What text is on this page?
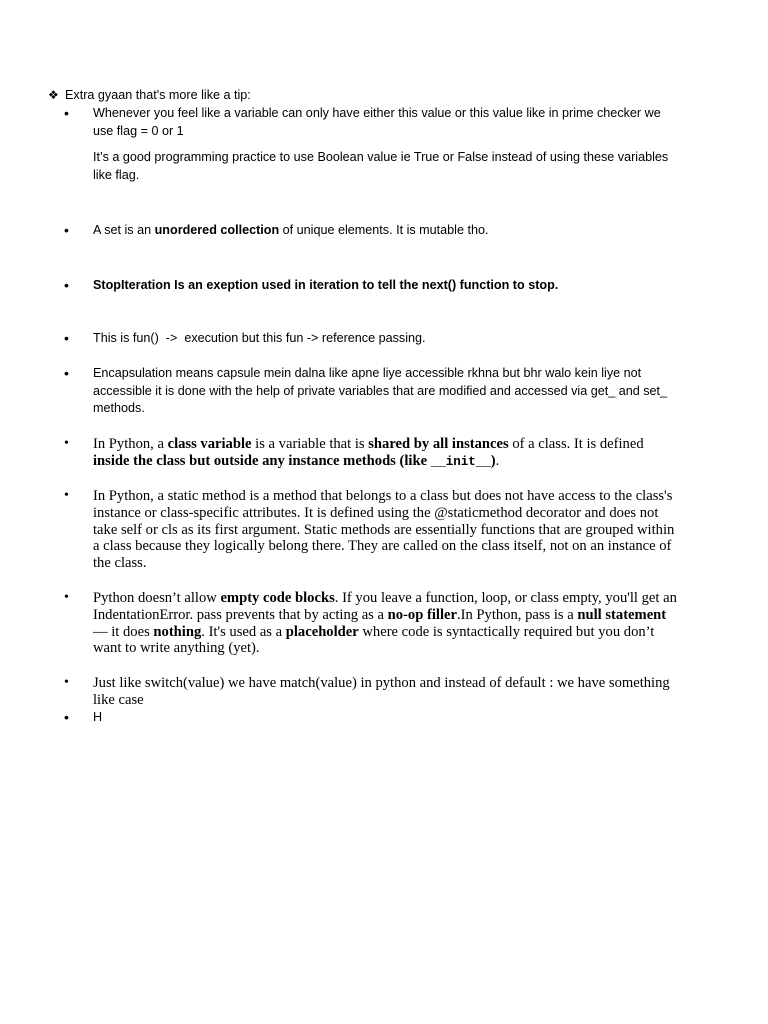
❖ Extra gyaan that's more like a tip:
• Whenever you feel like a variable can only have either this value or this value like in prime checker we use flag = 0 or 1

It’s a good programming practice to use Boolean value ie True or False instead of using these variables like flag.

• A set is an unordered collection of unique elements. It is mutable tho.

• StopIteration Is an exeption used in iteration to tell the next() function to stop.

• This is fun()  ->  execution but this fun -> reference passing.

• Encapsulation means capsule mein dalna like apne liye accessible rkhna but bhr walo kein liye not accessible it is done with the help of private variables that are modified and accessed via get_ and set_ methods.

• In Python, a class variable is a variable that is shared by all instances of a class. It is defined inside the class but outside any instance methods (like __init__).

• In Python, a static method is a method that belongs to a class but does not have access to the class's instance or class-specific attributes. It is defined using the @staticmethod decorator and does not take self or cls as its first argument. Static methods are essentially functions that are grouped within a class because they logically belong there. They are called on the class itself, not on an instance of the class.

• Python doesn’t allow empty code blocks. If you leave a function, loop, or class empty, you'll get an IndentationError. pass prevents that by acting as a no-op filler.In Python, pass is a null statement — it does nothing. It's used as a placeholder where code is syntactically required but you don’t want to write anything (yet).

• Just like switch(value) we have match(value) in python and instead of default : we have something like case

• H
